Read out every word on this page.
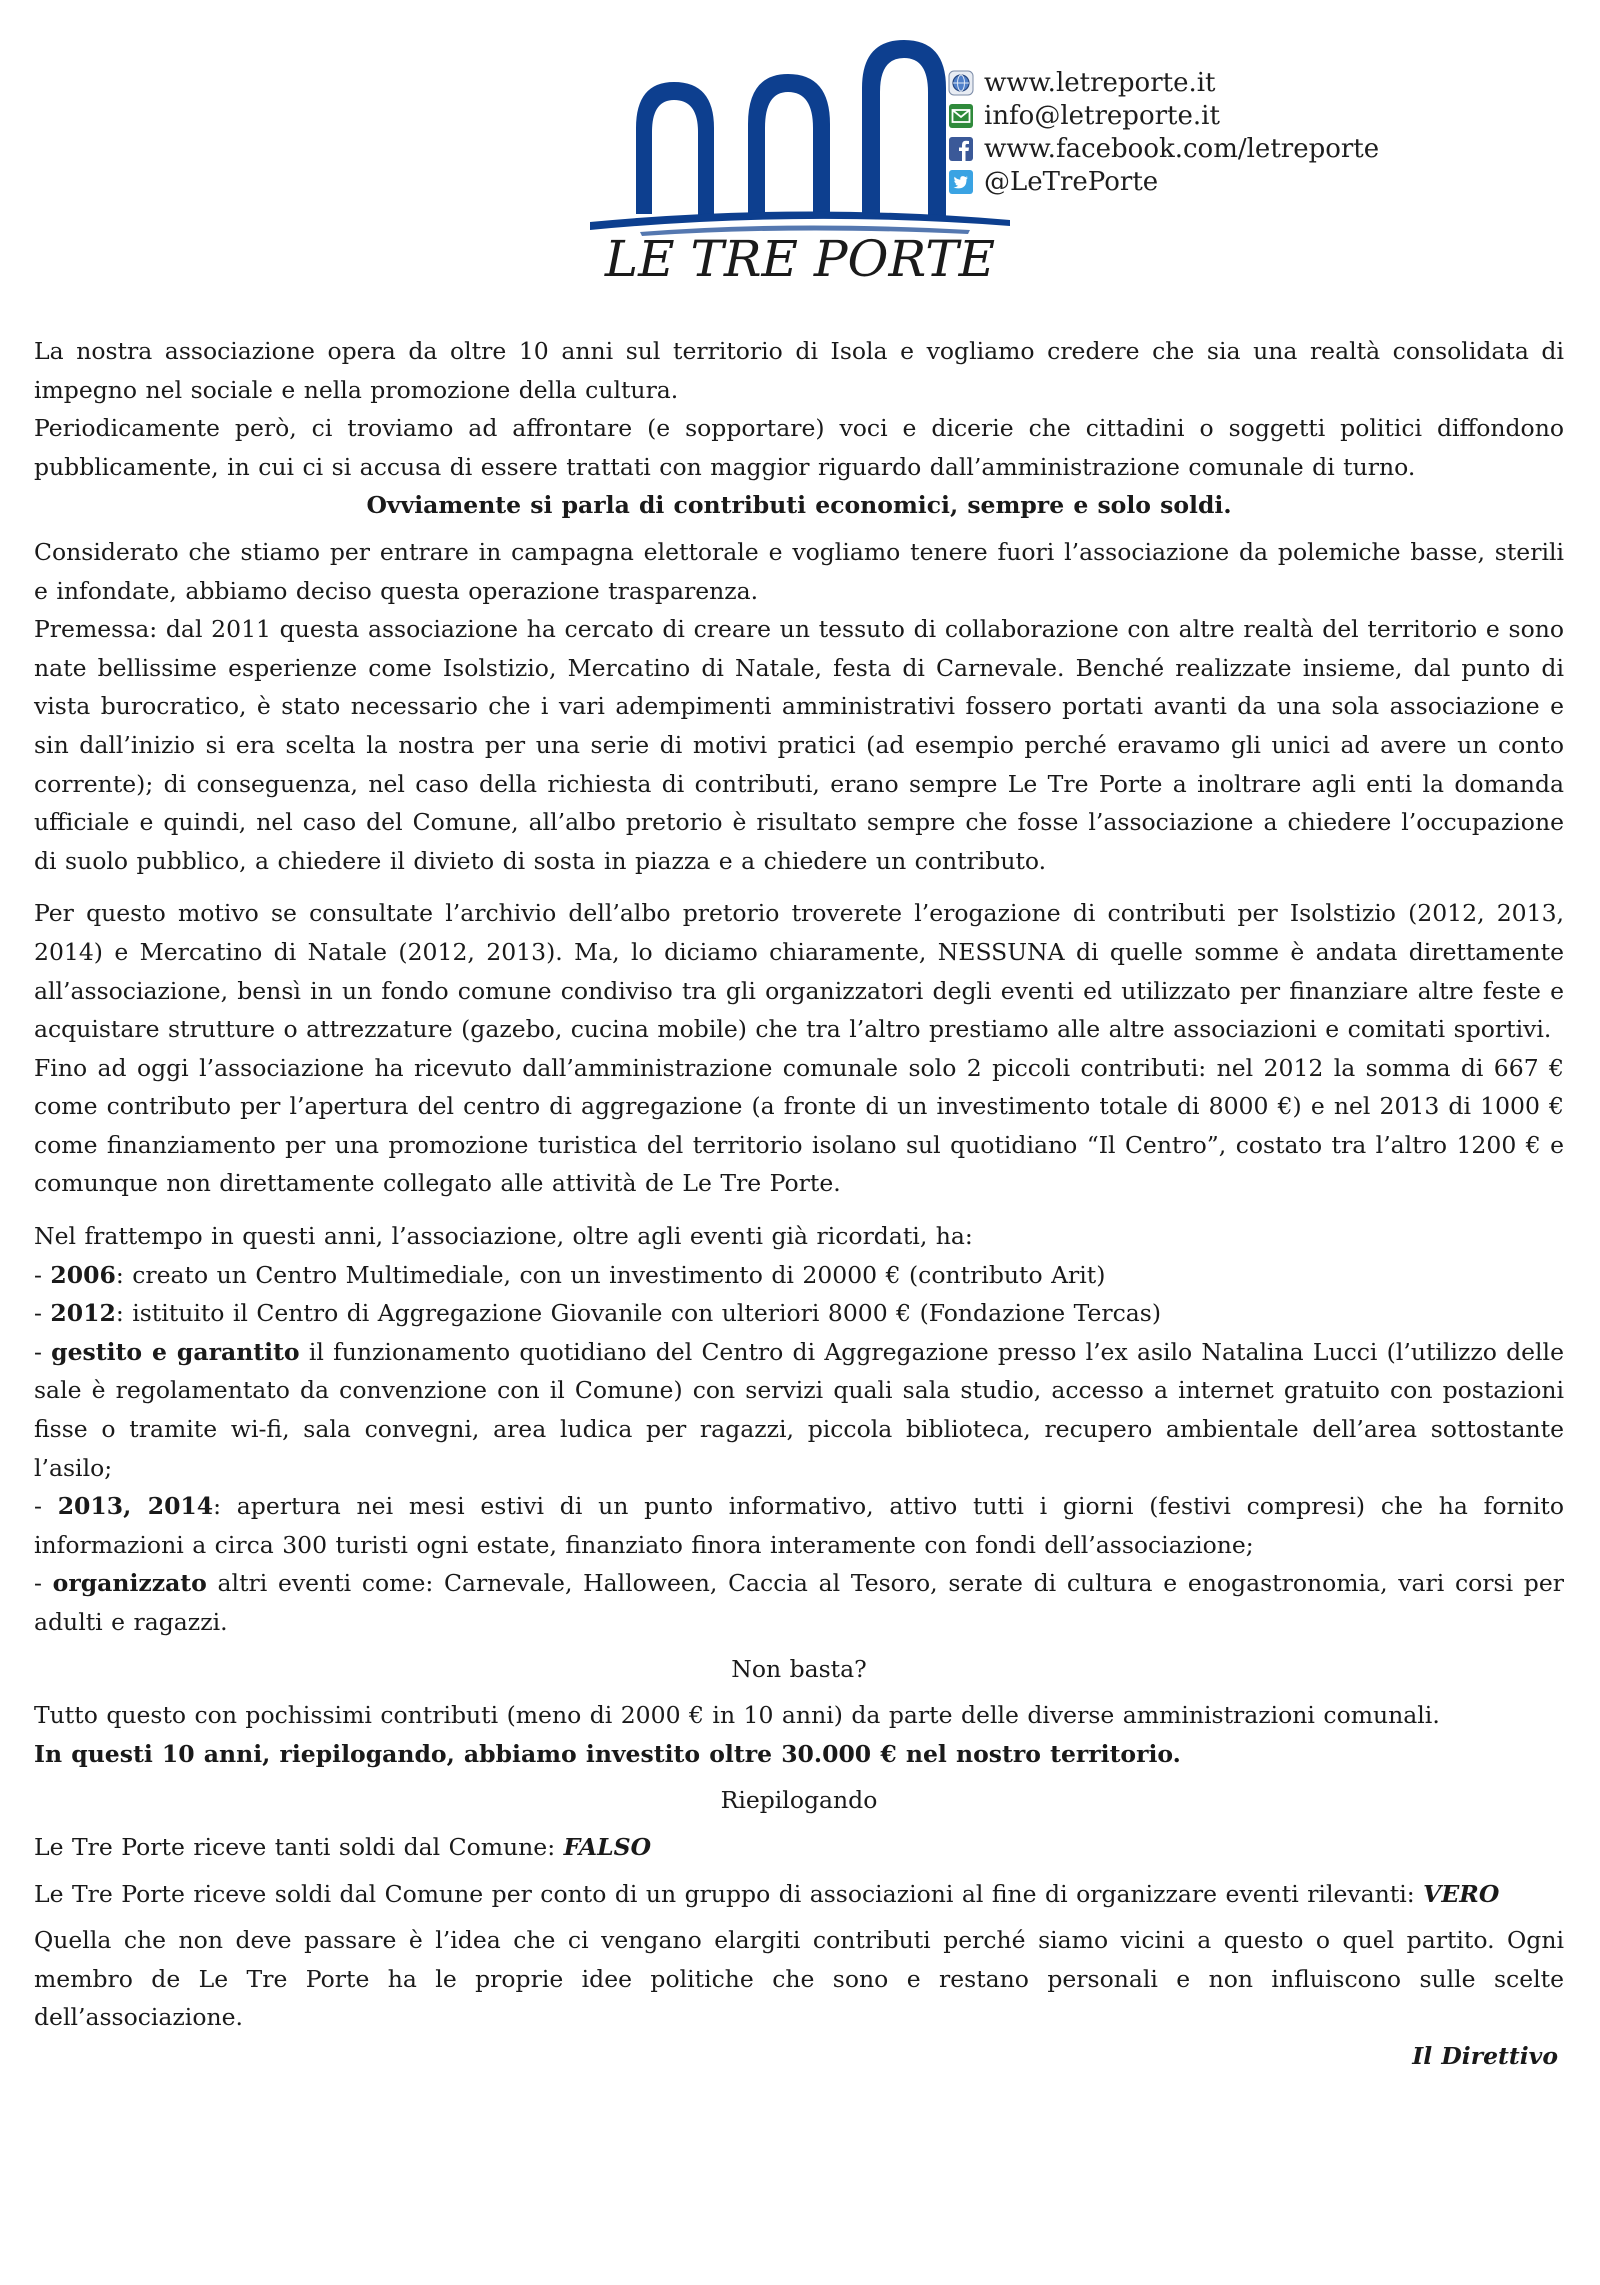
LE TRE PORTE
www.letreporte.it
info@letreporte.it
www.facebook.com/letreporte
@LeTrePorte

La nostra associazione opera da oltre 10 anni sul territorio di Isola e vogliamo credere che sia una realtà consolidata di impegno nel sociale e nella promozione della cultura.

Periodicamente però, ci troviamo ad affrontare (e sopportare) voci e dicerie che cittadini o soggetti politici diffondono pubblicamente, in cui ci si accusa di essere trattati con maggior riguardo dall’amministrazione comunale di turno.

Ovviamente si parla di contributi economici, sempre e solo soldi.

Considerato che stiamo per entrare in campagna elettorale e vogliamo tenere fuori l’associazione da polemiche basse, sterili e infondate, abbiamo deciso questa operazione trasparenza.

Premessa: dal 2011 questa associazione ha cercato di creare un tessuto di collaborazione con altre realtà del territorio e sono nate bellissime esperienze come Isolstizio, Mercatino di Natale, festa di Carnevale. Benché realizzate insieme, dal punto di vista burocratico, è stato necessario che i vari adempimenti amministrativi fossero portati avanti da una sola associazione e sin dall’inizio si era scelta la nostra per una serie di motivi pratici (ad esempio perché eravamo gli unici ad avere un conto corrente); di conseguenza, nel caso della richiesta di contributi, erano sempre Le Tre Porte a inoltrare agli enti la domanda ufficiale e quindi, nel caso del Comune, all’albo pretorio è risultato sempre che fosse l’associazione a chiedere l’occupazione di suolo pubblico, a chiedere il divieto di sosta in piazza e a chiedere un contributo.

Per questo motivo se consultate l’archivio dell’albo pretorio troverete l’erogazione di contributi per Isolstizio (2012, 2013, 2014) e Mercatino di Natale (2012, 2013). Ma, lo diciamo chiaramente, NESSUNA di quelle somme è andata direttamente all’associazione, bensì in un fondo comune condiviso tra gli organizzatori degli eventi ed utilizzato per finanziare altre feste e acquistare strutture o attrezzature (gazebo, cucina mobile) che tra l’altro prestiamo alle altre associazioni e comitati sportivi.

Fino ad oggi l’associazione ha ricevuto dall’amministrazione comunale solo 2 piccoli contributi: nel 2012 la somma di 667 € come contributo per l’apertura del centro di aggregazione (a fronte di un investimento totale di 8000 €) e nel 2013 di 1000 € come finanziamento per una promozione turistica del territorio isolano sul quotidiano “Il Centro”, costato tra l’altro 1200 € e comunque non direttamente collegato alle attività de Le Tre Porte.

Nel frattempo in questi anni, l’associazione, oltre agli eventi già ricordati, ha:

- 2006: creato un Centro Multimediale, con un investimento di 20000 € (contributo Arit)

- 2012: istituito il Centro di Aggregazione Giovanile con ulteriori 8000 € (Fondazione Tercas)

- gestito e garantito il funzionamento quotidiano del Centro di Aggregazione presso l’ex asilo Natalina Lucci (l’utilizzo delle sale è regolamentato da convenzione con il Comune) con servizi quali sala studio, accesso a internet gratuito con postazioni fisse o tramite wi-fi, sala convegni, area ludica per ragazzi, piccola biblioteca, recupero ambientale dell’area sottostante l’asilo;

- 2013, 2014: apertura nei mesi estivi di un punto informativo, attivo tutti i giorni (festivi compresi) che ha fornito informazioni a circa 300 turisti ogni estate, finanziato finora interamente con fondi dell’associazione;

- organizzato altri eventi come: Carnevale, Halloween, Caccia al Tesoro, serate di cultura e enogastronomia, vari corsi per adulti e ragazzi.

Non basta?

Tutto questo con pochissimi contributi (meno di 2000 € in 10 anni) da parte delle diverse amministrazioni comunali.

In questi 10 anni, riepilogando, abbiamo investito oltre 30.000 € nel nostro territorio.

Riepilogando

Le Tre Porte riceve tanti soldi dal Comune: FALSO

Le Tre Porte riceve soldi dal Comune per conto di un gruppo di associazioni al fine di organizzare eventi rilevanti: VERO

Quella che non deve passare è l’idea che ci vengano elargiti contributi perché siamo vicini a questo o quel partito. Ogni membro de Le Tre Porte ha le proprie idee politiche che sono e restano personali e non influiscono sulle scelte dell’associazione.

Il Direttivo
